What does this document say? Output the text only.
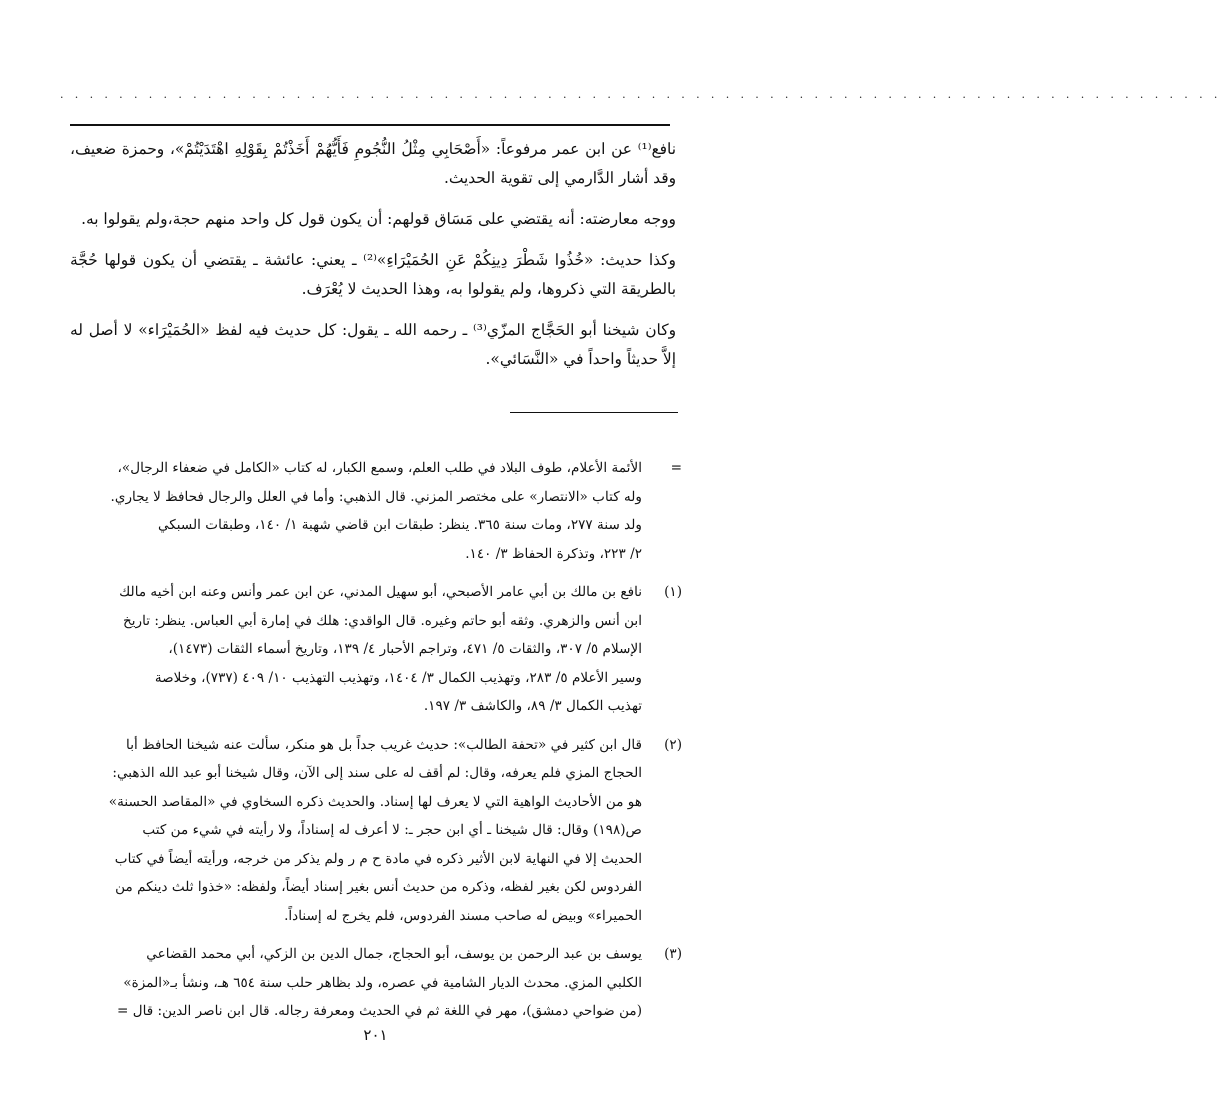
. . . . . . . . . . . . . . . . . . . . . . . . . . . . . . . . . . . . . . . . . . . . . . . . . . . . . . . . . . . . . . . . . . . . . . . . . . . . . . .

نافع⁽¹⁾ عن ابن عمر مرفوعاً: «أَصْحَابِي مِثْلُ النُّجُومِ فَأَيُّهُمْ أَخَذْتُمْ بِقَوْلِهِ اهْتَدَيْتُمْ»، وحمزة ضعيف، وقد أشار الدَّارمي إلى تقوية الحديث.

ووجه معارضته: أنه يقتضي على مَسَاق قولهم: أن يكون قول كل واحد منهم حجة،ولم يقولوا به.

وكذا حديث: «خُذُوا شَطْرَ دِينِكُمْ عَنِ الحُمَيْرَاءِ»⁽²⁾ ـ يعني: عائشة ـ يقتضي أن يكون قولها حُجَّة بالطريقة التي ذكروها، ولم يقولوا به، وهذا الحديث لا يُعْرَف.

وكان شيخنا أبو الحَجَّاج المزّي⁽³⁾ ـ رحمه الله ـ يقول: كل حديث فيه لفظ «الحُمَيْرَاء» لا أصل له إلاَّ حديثاً واحداً في «النَّسَائي».

=
الأئمة الأعلام، طوف البلاد في طلب العلم، وسمع الكبار، له كتاب «الكامل في ضعفاء الرجال»،
وله كتاب «الانتصار» على مختصر المزني. قال الذهبي: وأما في العلل والرجال فحافظ لا يجاري.
ولد سنة ٢٧٧، ومات سنة ٣٦٥. ينظر: طبقات ابن قاضي شهبة ١/ ١٤٠، وطبقات السبكي
٢/ ٢٢٣، وتذكرة الحفاظ ٣/ ١٤٠.
(١)
نافع بن مالك بن أبي عامر الأصبحي، أبو سهيل المدني، عن ابن عمر وأنس وعنه ابن أخيه مالك
ابن أنس والزهري. وثقه أبو حاتم وغيره. قال الواقدي: هلك في إمارة أبي العباس. ينظر: تاريخ
الإسلام ٥/ ٣٠٧، والثقات ٥/ ٤٧١، وتراجم الأحبار ٤/ ١٣٩، وتاريخ أسماء الثقات (١٤٧٣)،
وسير الأعلام ٥/ ٢٨٣، وتهذيب الكمال ٣/ ١٤٠٤، وتهذيب التهذيب ١٠/ ٤٠٩ (٧٣٧)، وخلاصة
تهذيب الكمال ٣/ ٨٩، والكاشف ٣/ ١٩٧.
(٢)
قال ابن كثير في «تحفة الطالب»: حديث غريب جداً بل هو منكر، سألت عنه شيخنا الحافظ أبا
الحجاج المزي فلم يعرفه، وقال: لم أقف له على سند إلى الآن، وقال شيخنا أبو عبد الله الذهبي:
هو من الأحاديث الواهية التي لا يعرف لها إسناد. والحديث ذكره السخاوي في «المقاصد الحسنة»
ص(١٩٨) وقال: قال شيخنا ـ أي ابن حجر ـ: لا أعرف له إسناداً، ولا رأيته في شيء من كتب
الحديث إلا في النهاية لابن الأثير ذكره في مادة ح م ر ولم يذكر من خرجه، ورأيته أيضاً في كتاب
الفردوس لكن بغير لفظه، وذكره من حديث أنس بغير إسناد أيضاً، ولفظه: «خذوا ثلث دينكم من
الحميراء» وبيض له صاحب مسند الفردوس، فلم يخرج له إسناداً.
(٣)
يوسف بن عبد الرحمن بن يوسف، أبو الحجاج، جمال الدين بن الزكي، أبي محمد القضاعي
الكلبي المزي. محدث الديار الشامية في عصره، ولد بظاهر حلب سنة ٦٥٤ هـ، ونشأ بـ«المزة»
(من ضواحي دمشق)، مهر في اللغة ثم في الحديث ومعرفة رجاله. قال ابن ناصر الدين: قال =
٢٠١
